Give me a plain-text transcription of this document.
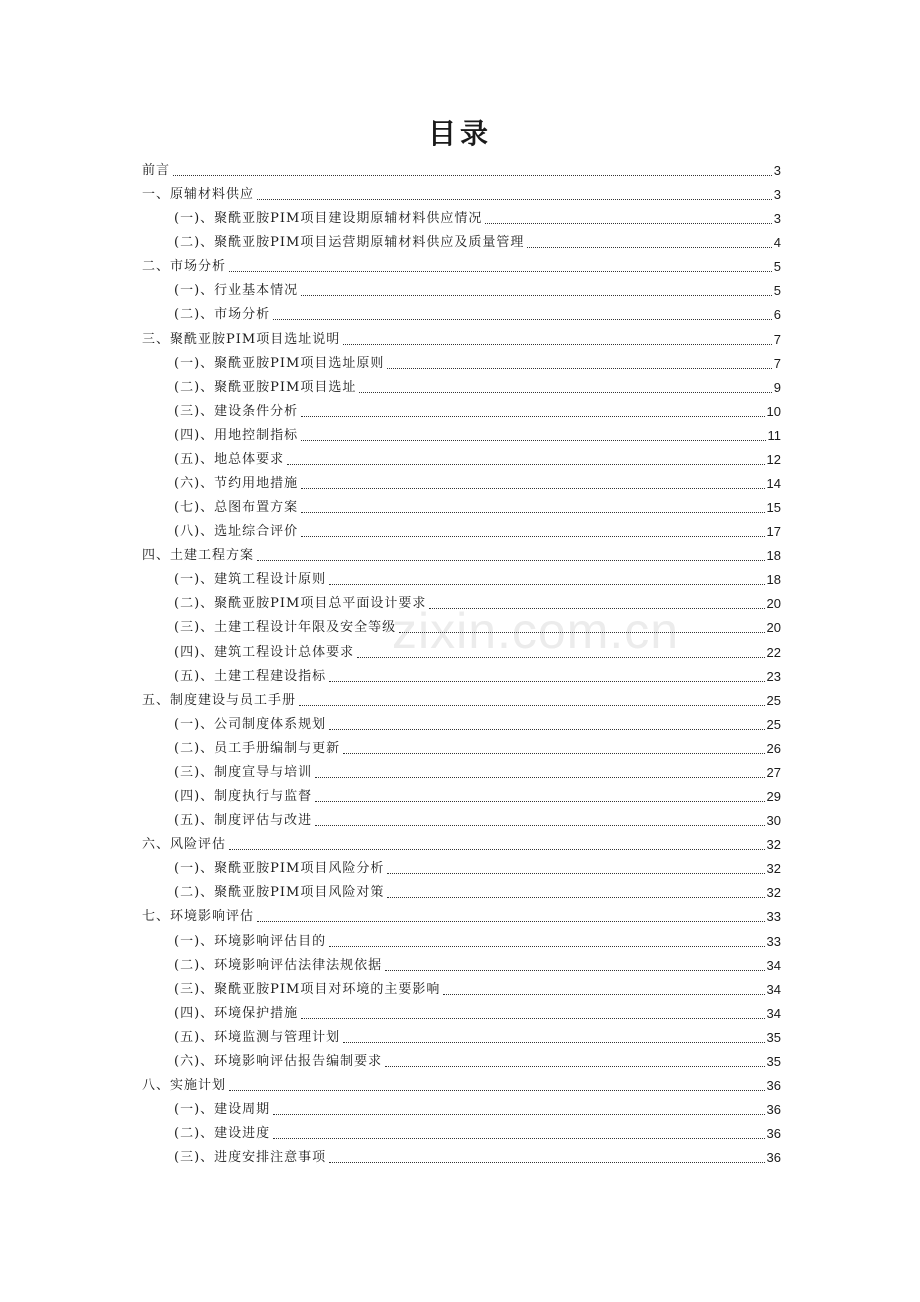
目录
zixin.com.cn
前言	3
一、原辅材料供应	3
(一)、聚酰亚胺PIM项目建设期原辅材料供应情况	3
(二)、聚酰亚胺PIM项目运营期原辅材料供应及质量管理	4
二、市场分析	5
(一)、行业基本情况	5
(二)、市场分析	6
三、聚酰亚胺PIM项目选址说明	7
(一)、聚酰亚胺PIM项目选址原则	7
(二)、聚酰亚胺PIM项目选址	9
(三)、建设条件分析	10
(四)、用地控制指标	11
(五)、地总体要求	12
(六)、节约用地措施	14
(七)、总图布置方案	15
(八)、选址综合评价	17
四、土建工程方案	18
(一)、建筑工程设计原则	18
(二)、聚酰亚胺PIM项目总平面设计要求	20
(三)、土建工程设计年限及安全等级	20
(四)、建筑工程设计总体要求	22
(五)、土建工程建设指标	23
五、制度建设与员工手册	25
(一)、公司制度体系规划	25
(二)、员工手册编制与更新	26
(三)、制度宣导与培训	27
(四)、制度执行与监督	29
(五)、制度评估与改进	30
六、风险评估	32
(一)、聚酰亚胺PIM项目风险分析	32
(二)、聚酰亚胺PIM项目风险对策	32
七、环境影响评估	33
(一)、环境影响评估目的	33
(二)、环境影响评估法律法规依据	34
(三)、聚酰亚胺PIM项目对环境的主要影响	34
(四)、环境保护措施	34
(五)、环境监测与管理计划	35
(六)、环境影响评估报告编制要求	35
八、实施计划	36
(一)、建设周期	36
(二)、建设进度	36
(三)、进度安排注意事项	36
